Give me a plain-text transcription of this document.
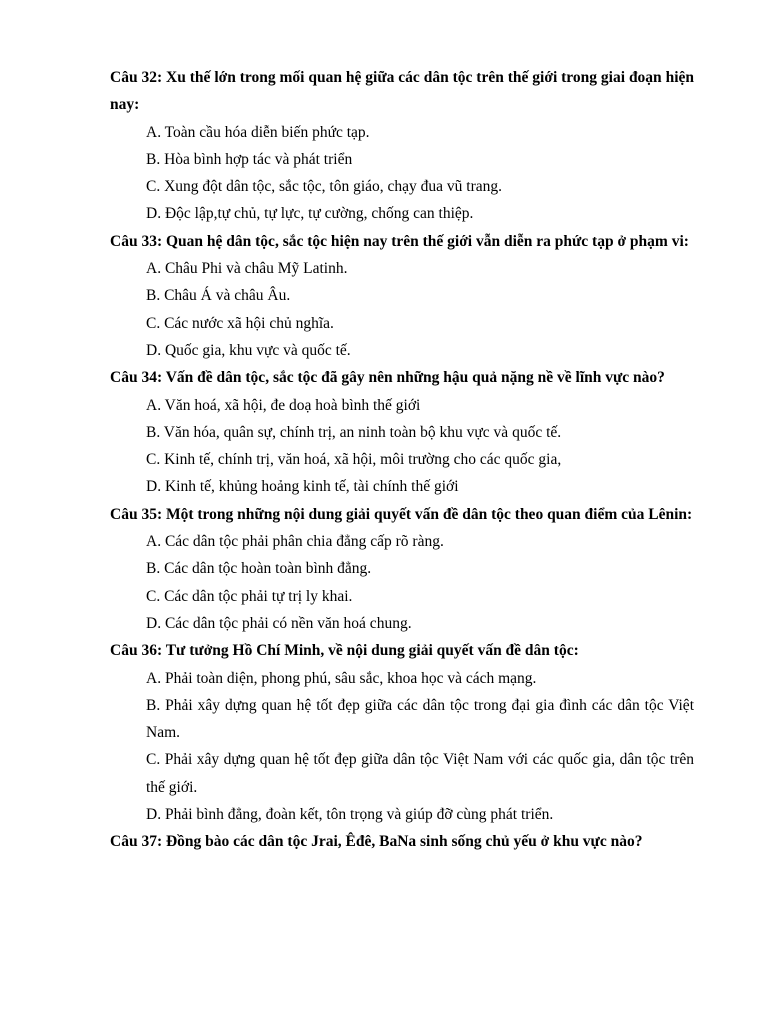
Câu 32: Xu thế lớn trong mối quan hệ giữa các dân tộc trên thế giới trong giai đoạn hiện nay:

A. Toàn cầu hóa diễn biến phức tạp.

B. Hòa bình hợp tác và phát triển

C. Xung đột dân tộc, sắc tộc, tôn giáo, chạy đua vũ trang.

D. Độc lập,tự chủ, tự lực, tự cường, chống can thiệp.

Câu 33: Quan hệ dân tộc, sắc tộc hiện nay trên thế giới vẫn diễn ra phức tạp ở phạm vi:

A. Châu Phi và châu Mỹ Latinh.

B. Châu Á và châu Âu.

C. Các nước xã hội chủ nghĩa.

D. Quốc gia, khu vực và quốc tế.

Câu 34: Vấn đề dân tộc, sắc tộc đã gây nên những hậu quả nặng nề về lĩnh vực nào?

A. Văn hoá, xã hội, đe doạ hoà bình thế giới

B. Văn hóa, quân sự, chính trị, an ninh toàn bộ khu vực và quốc tế.

C. Kinh tế, chính trị, văn hoá, xã hội, môi trường cho các quốc gia,

D. Kinh tế, khủng hoảng kinh tế, tài chính thế giới

Câu 35: Một trong những nội dung giải quyết vấn đề dân tộc theo quan điểm của Lênin:

A. Các dân tộc phải phân chia đẳng cấp rõ ràng.

B. Các dân tộc hoàn toàn bình đẳng.

C. Các dân tộc phải tự trị ly khai.

D. Các dân tộc phải có nền văn hoá chung.

Câu 36: Tư tưởng Hồ Chí Minh, về nội dung giải quyết vấn đề dân tộc:

A. Phải toàn diện, phong phú, sâu sắc, khoa học và cách mạng.

B. Phải xây dựng quan hệ tốt đẹp giữa các dân tộc trong đại gia đình các dân tộc Việt Nam.

C. Phải xây dựng quan hệ tốt đẹp giữa dân tộc Việt Nam với các quốc gia, dân tộc trên thế giới.

D. Phải bình đẳng, đoàn kết, tôn trọng và giúp đỡ cùng phát triển.

Câu 37: Đồng bào các dân tộc Jrai, Êđê, BaNa sinh sống chủ yếu ở khu vực nào?
